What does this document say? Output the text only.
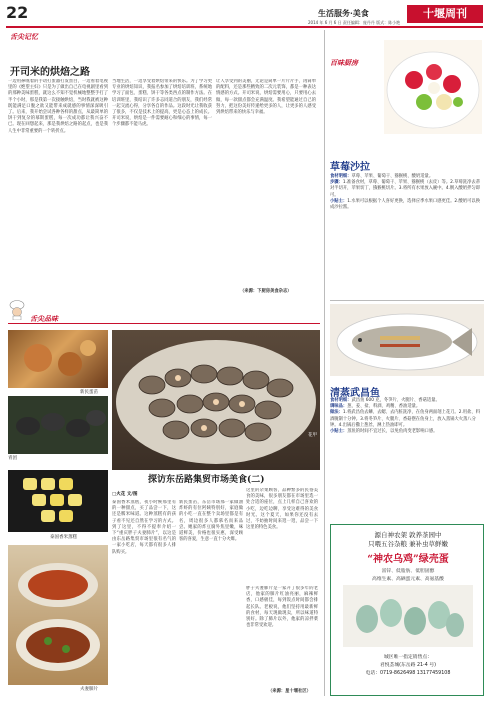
22	生活服务·美食	十堰周刊
2014 年 6 月 6 日 责任编辑：庞丹丹 版式：陈小艳
舌尖记忆
开司米的烘焙之路
一边用鼻嗅着的手动打蛋器打发蛋白，一边看着电视里的《绝望主妇》只是为了做出自己在电视剧里看到的那种美味蛋糕，就这么不知不觉机械地整整手打了半个小时，那是我第一次接触烘焙，当时我就被这种既能满足口腹之欲又能带来成就感的事情深深吸引了。后来，我开始尝试各种各样的甜点，从最简单的饼干到复杂的慕斯蛋糕，每一次成功都让我兴奋不已。现在回想起来，那是我烘焙之路的起点，也是我人生中非常重要的一个转折点。
当地生活，一边享受着烘焙带来的快乐。为了学习更专业的烘焙知识，我报名参加了烘焙培训班，系统地学习了面包、蛋糕、饼干等各类西点的制作方法。在培训班里，我结识了许多志同道合的朋友，我们经常一起交流心得，分享各自的作品。这段时光让我收获了很多，不仅是技术上的提高，更是心态上的成长。开司米说，烘焙是一件需要耐心和细心的事情，每一个步骤都不能马虎。
让人享受到的美丽，无论是简单一片片片手，再简单的配料，还是那些精致的二次元装饰，都是一种表达情感的方式。开司米说，烘焙需要用心，只要用心去做，每一款甜点都会充满温度。我希望能通过自己的努力，把这份美好传递给更多的人，让更多的人感受到烘焙带来的快乐与幸福。
（来源：下厨房美食杂志）
舌尖品味
新民蛋苗
青团
泰国香米蒸糕
夫妻肺片
花甲
探访东岳路集贸市场美食(二)
□火花 文/图
泰国香米蒸糕，夜小时候那里有的一种甜点，买了品尝一下，这还是糯米味道。这种蒸糕有的孩子看不见还自然在学习的方式。到了这里，不得不提奉介绍一下“重庆胖子夫妻肺片”，以这是由东岳路集贸市场里很有名气的一家小吃店，每天都有很多人排队购买。
新民蛋苗，东岳市场那一家做油炸虾的有位阿姨特别好，家庭做的小吃一直在整个卖场里都是有名，周边很多人都慕名而来品尝。她家的炸豆腐外焦里嫩，味道鲜美，价格也很实惠，深受顾客的喜爱，生意一直十分火爆。
这里的杂菜顾客，品种繁多的民俗美食的美味，很多朋友都在市场里选一处合适的座位，点上几样自己喜欢的小吃，边吃边聊，享受这难得的美食时光。这个夏天，如果你还没有去过，不妨抽时间来逛一逛，品尝一下这里的特色美食。
胖子夫妻肺片是一家开了很多年的老店，他家的肺片红油亮丽，麻辣鲜香，口感极佳，每到饭点时间都会排起长队。老板说，他们坚持用最新鲜的食材，每天现做现卖，所以味道特别好。除了肺片以外，他家的凉拌菜也非常受欢迎。
（来源：星十堰社区）
百味厨房
草莓沙拉
食材明细：草莓、苹果、葡萄干、猕猴桃、酸奶适量。
步骤：1.准备食材，草莓、葡萄干、苹果、猕猴桃（去皮）等。2.草莓洗净去蒂对半切开，苹果切丁，猕猴桃切片。3.将所有水果放入碗中。4.倒入酸奶拌匀即可。
小贴士：1.水果可以根据个人喜好更换，选择应季水果口感更佳。2.酸奶可以换成沙拉酱。
清蒸武昌鱼
食材明细：武昌鱼 600 克，冬笋片、火腿片、香菇适量。
调味品：葱、姜、盐、料酒、鸡精、香油适量。
做法：1.将武昌鱼去鳞、去鳃、去内脏洗净，在鱼身两面剞上花刀。2.用盐、料酒腌制十分钟。3.将冬笋片、火腿片、香菇摆在鱼身上，放入蒸锅大火蒸八分钟。4.出锅后撒上葱丝，淋上热油即可。
小贴士：蒸鱼的时间不宜过长，以免鱼肉变老影响口感。
源自神农架 敦养茶园中
只喂五谷杂粮 兼补虫草鲜嫩
“神农乌鸡”绿壳蛋
富锌、低脂肪、低胆固醇
高维生素、高硒蛋元素、高氨基酸
城区唯一指定销售点：
君悦荟城(东岳路 21-4 号)
电话：0719-8626498 13177459108
